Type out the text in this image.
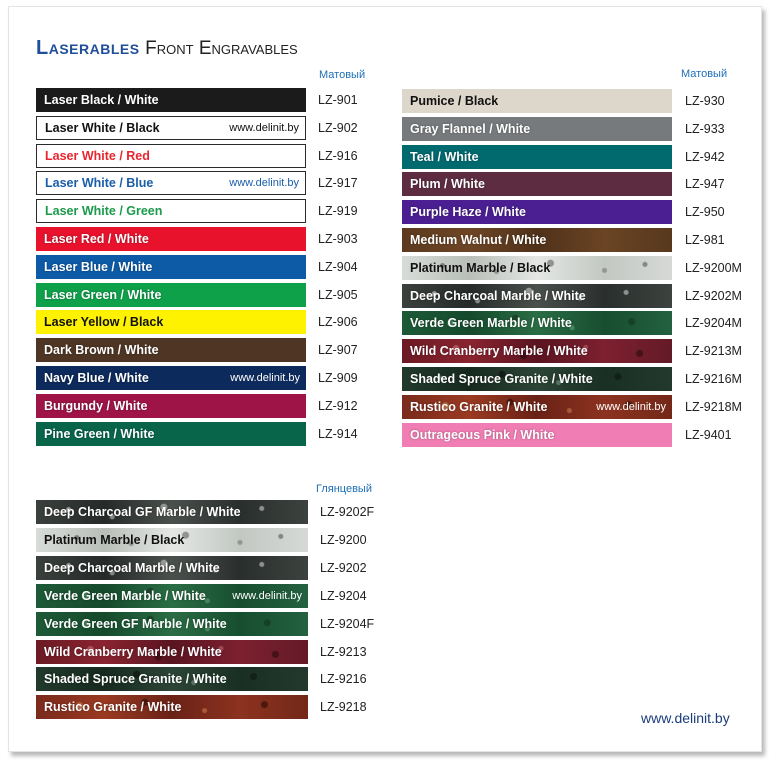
Laserables Front Engravables
Матовый	Матовый
Глянцевый
Laser Black / White	LZ-901
Laser White / Black	www.delinit.by LZ-902
Laser White / Red	LZ-916
Laser White / Blue	www.delinit.by LZ-917
Laser White / Green	LZ-919
Laser Red / White	LZ-903
Laser Blue / White	LZ-904
Laser Green / White	LZ-905
Laser Yellow / Black	LZ-906
Dark Brown / White	LZ-907
Navy Blue / White	www.delinit.by LZ-909
Burgundy / White	LZ-912
Pine Green / White	LZ-914
Pumice / Black	LZ-930
Gray Flannel / White	LZ-933
Teal / White	LZ-942
Plum / White	LZ-947
Purple Haze / White	LZ-950
Medium Walnut / White	LZ-981
Platinum Marble / Black	LZ-9200M
Deep Charcoal Marble / White	LZ-9202M
Verde Green Marble / White	LZ-9204M
Wild Cranberry Marble / White	LZ-9213M
Shaded Spruce Granite / White	LZ-9216M
Rustico Granite / White	www.delinit.by LZ-9218M
Outrageous Pink / White	LZ-9401
Deep Charcoal GF Marble / White	LZ-9202F
Platinum Marble / Black	LZ-9200
Deep Charcoal Marble / White	LZ-9202
Verde Green Marble / White www.delinit.by LZ-9204
Verde Green GF Marble / White	LZ-9204F
Wild Cranberry Marble / White	LZ-9213
Shaded Spruce Granite / White	LZ-9216
Rustico Granite / White	LZ-9218
www.delinit.by
